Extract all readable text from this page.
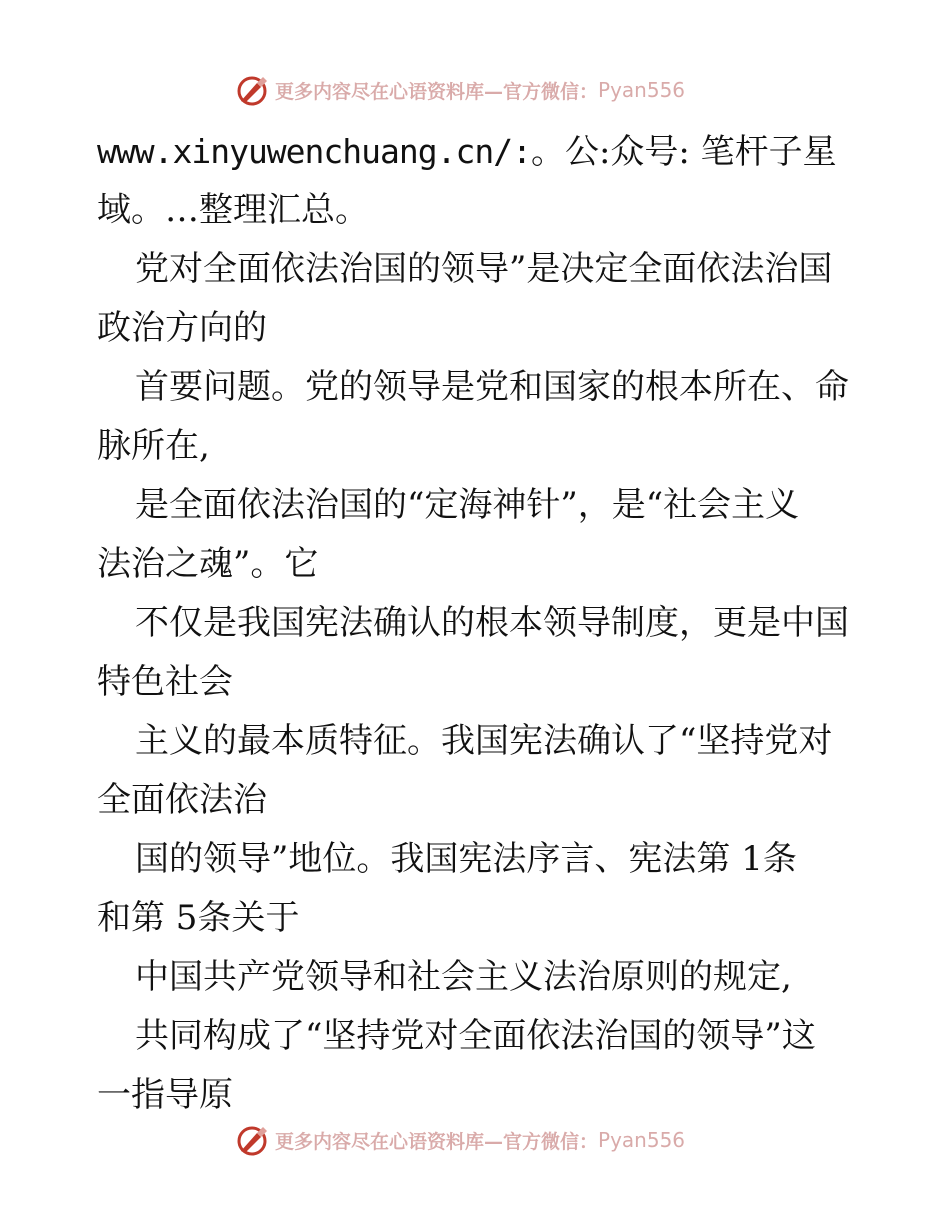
更多内容尽在心语资料库—官方微信： Pyan556
www.xinyuwenchuang.cn/:。公:众号: 笔杆子星
域。…整理汇总。
党对全面依法治国的领导”是决定全面依法治国
政治方向的
首要问题。党的领导是党和国家的根本所在、命
脉所在,
是全面依法治国的“定海神针”，是“社会主义
法治之魂”。它
不仅是我国宪法确认的根本领导制度，更是中国
特色社会
主义的最本质特征。我国宪法确认了“坚持党对
全面依法治
国的领导”地位。我国宪法序言、宪法第 1条
和第 5条关于
中国共产党领导和社会主义法治原则的规定,
共同构成了“坚持党对全面依法治国的领导”这
一指导原
更多内容尽在心语资料库—官方微信： Pyan556
